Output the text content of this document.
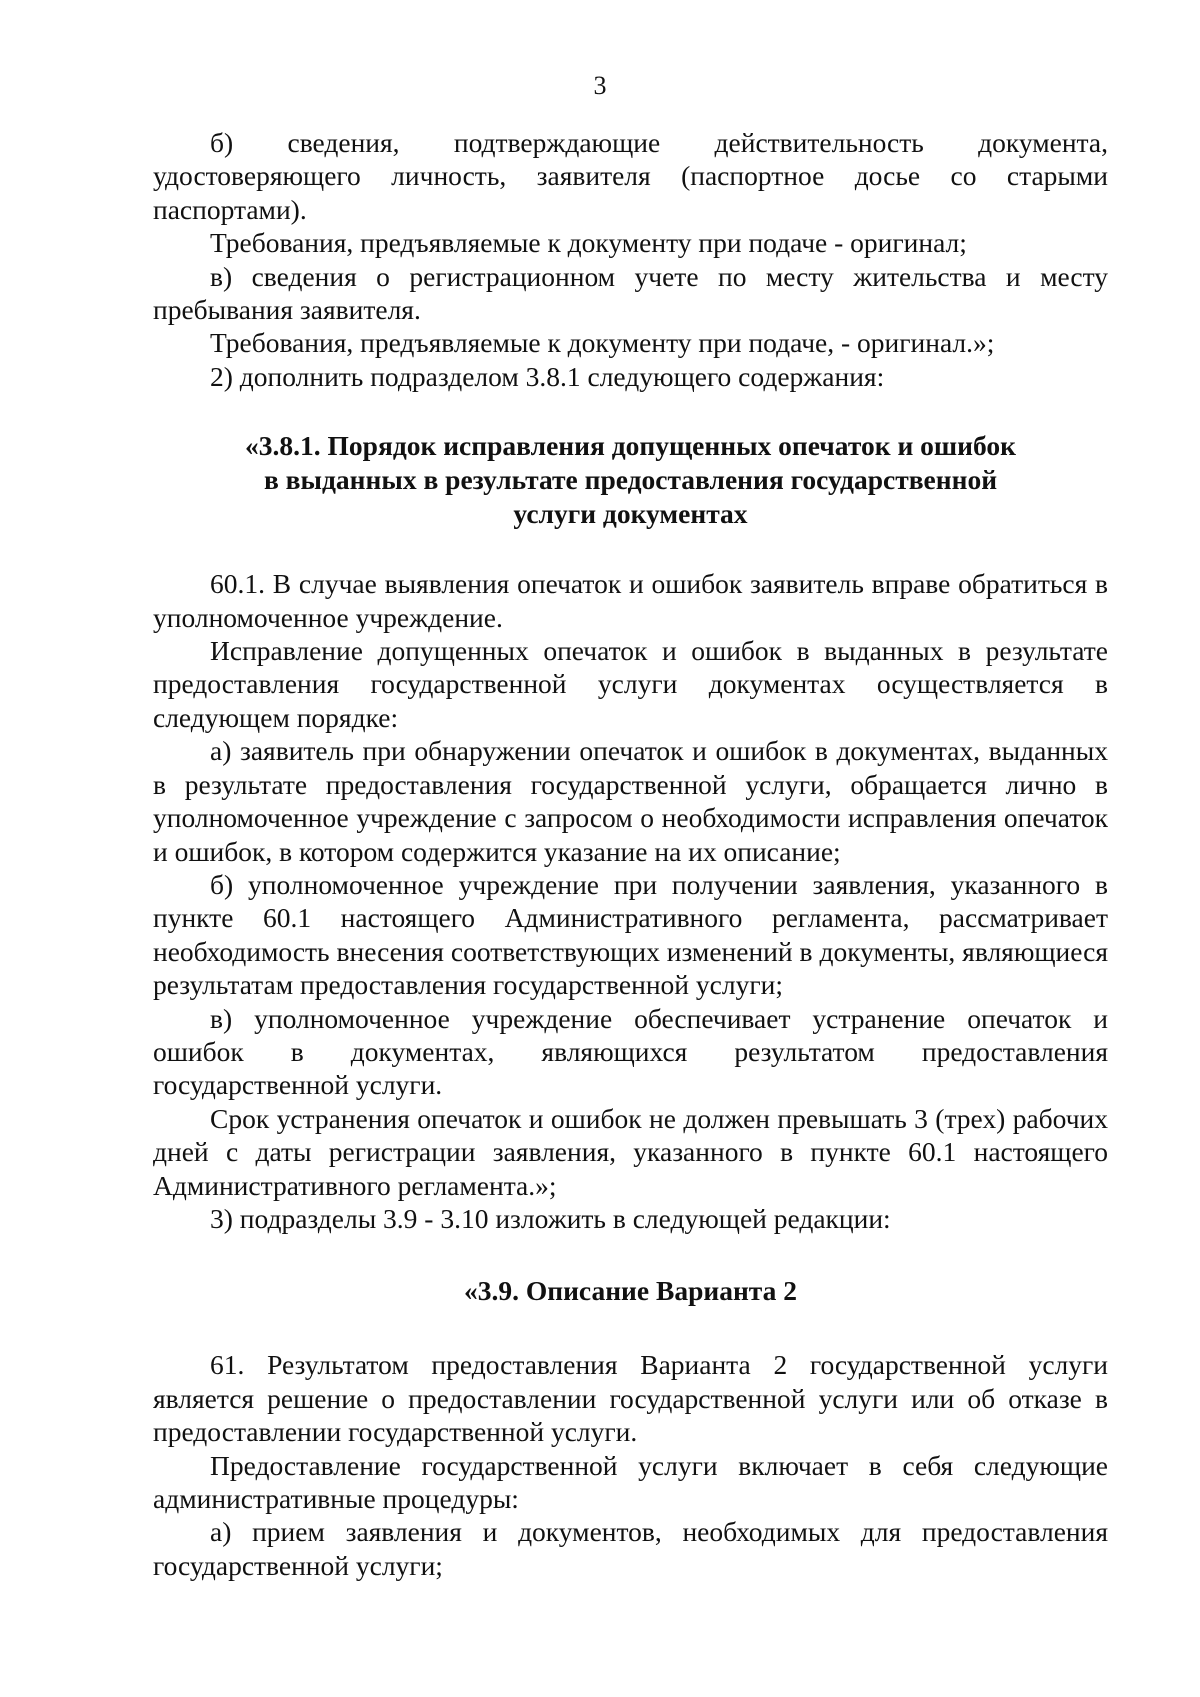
3

б) сведения, подтверждающие действительность документа, удостоверяющего личность, заявителя (паспортное досье со старыми паспортами).

Требования, предъявляемые к документу при подаче - оригинал;

в) сведения о регистрационном учете по месту жительства и месту пребывания заявителя.

Требования, предъявляемые к документу при подаче, - оригинал.»;

2) дополнить подразделом 3.8.1 следующего содержания:

«3.8.1. Порядок исправления допущенных опечаток и ошибок
в выданных в результате предоставления государственной
услуги документах

60.1. В случае выявления опечаток и ошибок заявитель вправе обратиться в уполномоченное учреждение.

Исправление допущенных опечаток и ошибок в выданных в результате предоставления государственной услуги документах осуществляется в следующем порядке:

а) заявитель при обнаружении опечаток и ошибок в документах, выданных в результате предоставления государственной услуги, обращается лично в уполномоченное учреждение с запросом о необходимости исправления опечаток и ошибок, в котором содержится указание на их описание;

б) уполномоченное учреждение при получении заявления, указанного в пункте 60.1 настоящего Административного регламента, рассматривает необходимость внесения соответствующих изменений в документы, являющиеся результатам предоставления государственной услуги;

в) уполномоченное учреждение обеспечивает устранение опечаток и ошибок в документах, являющихся результатом предоставления государственной услуги.

Срок устранения опечаток и ошибок не должен превышать 3 (трех) рабочих дней с даты регистрации заявления, указанного в пункте 60.1 настоящего Административного регламента.»;

3) подразделы 3.9 - 3.10 изложить в следующей редакции:

«3.9. Описание Варианта 2

61. Результатом предоставления Варианта 2 государственной услуги является решение о предоставлении государственной услуги или об отказе в предоставлении государственной услуги.

Предоставление государственной услуги включает в себя следующие административные процедуры:

а) прием заявления и документов, необходимых для предоставления государственной услуги;
